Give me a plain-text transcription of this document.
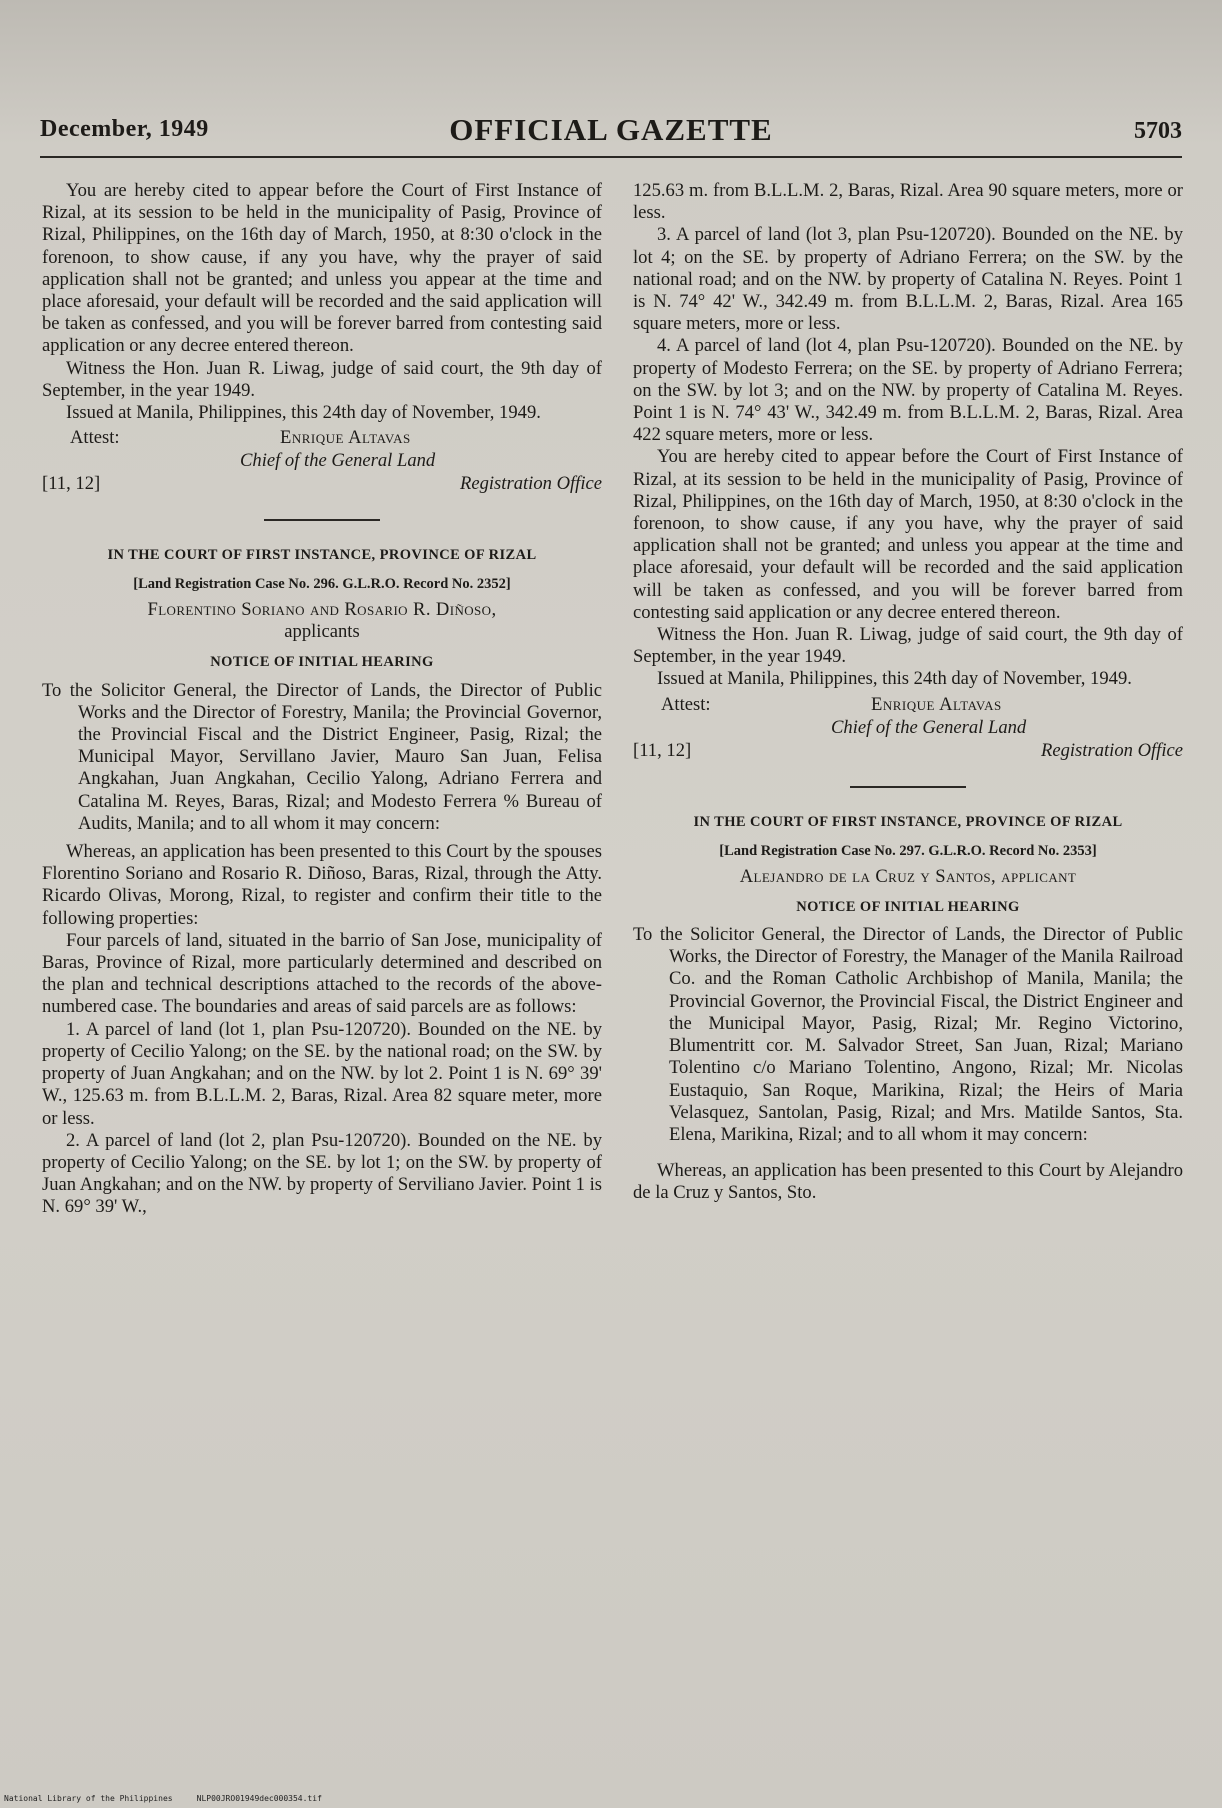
December, 1949	OFFICIAL GAZETTE	5703

You are hereby cited to appear before the Court of First Instance of Rizal, at its session to be held in the municipality of Pasig, Province of Rizal, Philippines, on the 16th day of March, 1950, at 8:30 o'clock in the forenoon, to show cause, if any you have, why the prayer of said application shall not be granted; and unless you appear at the time and place aforesaid, your default will be recorded and the said application will be taken as confessed, and you will be forever barred from contesting said application or any decree entered thereon.

Witness the Hon. Juan R. Liwag, judge of said court, the 9th day of September, in the year 1949.

Issued at Manila, Philippines, this 24th day of November, 1949.

Attest:	Enrique Altavas
Chief of the General Land
[11, 12]	Registration Office
IN THE COURT OF FIRST INSTANCE, PROVINCE OF RIZAL
[Land Registration Case No. 296. G.L.R.O. Record No. 2352]
Florentino Soriano and Rosario R. Diñoso,
applicants
NOTICE OF INITIAL HEARING

To the Solicitor General, the Director of Lands, the Director of Public Works and the Director of Forestry, Manila; the Provincial Governor, the Provincial Fiscal and the District Engineer, Pasig, Rizal; the Municipal Mayor, Servillano Javier, Mauro San Juan, Felisa Angkahan, Juan Angkahan, Cecilio Yalong, Adriano Ferrera and Catalina M. Reyes, Baras, Rizal; and Modesto Ferrera % Bureau of Audits, Manila; and to all whom it may concern:

Whereas, an application has been presented to this Court by the spouses Florentino Soriano and Rosario R. Diñoso, Baras, Rizal, through the Atty. Ricardo Olivas, Morong, Rizal, to register and confirm their title to the following properties:

Four parcels of land, situated in the barrio of San Jose, municipality of Baras, Province of Rizal, more particularly determined and described on the plan and technical descriptions attached to the records of the above-numbered case. The boundaries and areas of said parcels are as follows:

1. A parcel of land (lot 1, plan Psu-120720). Bounded on the NE. by property of Cecilio Yalong; on the SE. by the national road; on the SW. by property of Juan Angkahan; and on the NW. by lot 2. Point 1 is N. 69° 39' W., 125.63 m. from B.L.L.M. 2, Baras, Rizal. Area 82 square meter, more or less.

2. A parcel of land (lot 2, plan Psu-120720). Bounded on the NE. by property of Cecilio Yalong; on the SE. by lot 1; on the SW. by property of Juan Angkahan; and on the NW. by property of Serviliano Javier. Point 1 is N. 69° 39' W.,

125.63 m. from B.L.L.M. 2, Baras, Rizal. Area 90 square meters, more or less.

3. A parcel of land (lot 3, plan Psu-120720). Bounded on the NE. by lot 4; on the SE. by property of Adriano Ferrera; on the SW. by the national road; and on the NW. by property of Catalina N. Reyes. Point 1 is N. 74° 42' W., 342.49 m. from B.L.L.M. 2, Baras, Rizal. Area 165 square meters, more or less.

4. A parcel of land (lot 4, plan Psu-120720). Bounded on the NE. by property of Modesto Ferrera; on the SE. by property of Adriano Ferrera; on the SW. by lot 3; and on the NW. by property of Catalina M. Reyes. Point 1 is N. 74° 43' W., 342.49 m. from B.L.L.M. 2, Baras, Rizal. Area 422 square meters, more or less.

You are hereby cited to appear before the Court of First Instance of Rizal, at its session to be held in the municipality of Pasig, Province of Rizal, Philippines, on the 16th day of March, 1950, at 8:30 o'clock in the forenoon, to show cause, if any you have, why the prayer of said application shall not be granted; and unless you appear at the time and place aforesaid, your default will be recorded and the said application will be taken as confessed, and you will be forever barred from contesting said application or any decree entered thereon.

Witness the Hon. Juan R. Liwag, judge of said court, the 9th day of September, in the year 1949.

Issued at Manila, Philippines, this 24th day of November, 1949.

Attest:	Enrique Altavas
Chief of the General Land
[11, 12]	Registration Office
IN THE COURT OF FIRST INSTANCE, PROVINCE OF RIZAL
[Land Registration Case No. 297. G.L.R.O. Record No. 2353]
Alejandro de la Cruz y Santos, applicant
NOTICE OF INITIAL HEARING

To the Solicitor General, the Director of Lands, the Director of Public Works, the Director of Forestry, the Manager of the Manila Railroad Co. and the Roman Catholic Archbishop of Manila, Manila; the Provincial Governor, the Provincial Fiscal, the District Engineer and the Municipal Mayor, Pasig, Rizal; Mr. Regino Victorino, Blumentritt cor. M. Salvador Street, San Juan, Rizal; Mariano Tolentino c/o Mariano Tolentino, Angono, Rizal; Mr. Nicolas Eustaquio, San Roque, Marikina, Rizal; the Heirs of Maria Velasquez, Santolan, Pasig, Rizal; and Mrs. Matilde Santos, Sta. Elena, Marikina, Rizal; and to all whom it may concern:

Whereas, an application has been presented to this Court by Alejandro de la Cruz y Santos, Sto.

National Library of the Philippines     NLP00JRO01949dec000354.tif
